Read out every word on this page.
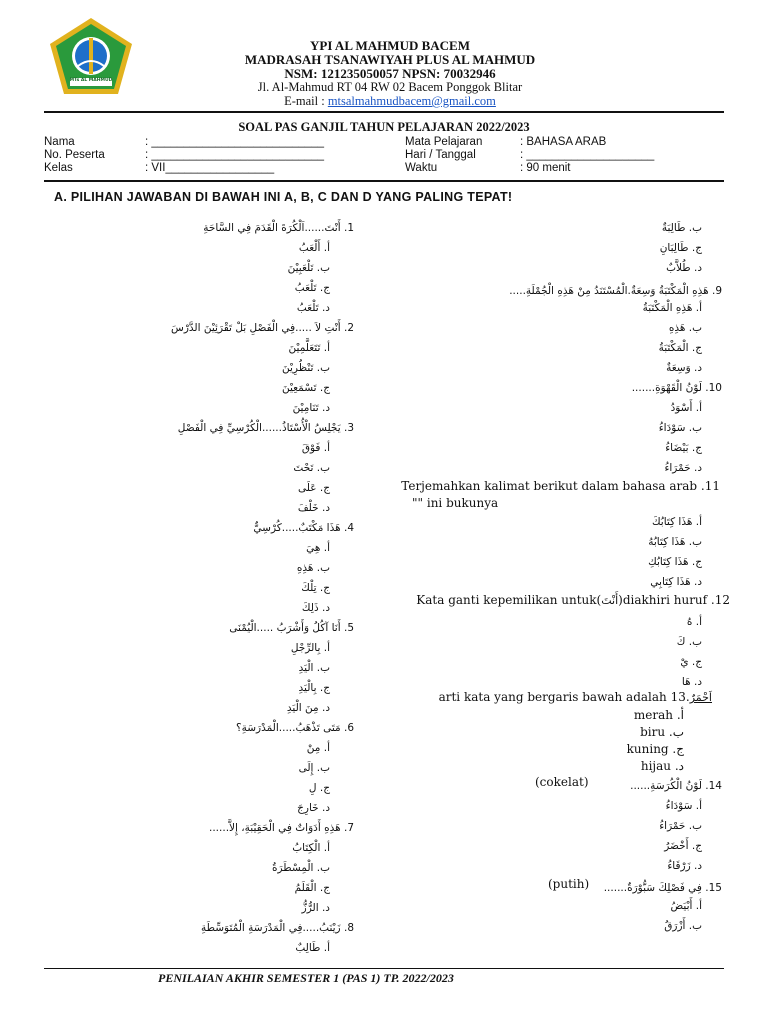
MTs AL MAHMUD
YPI AL MAHMUD BACEM
MADRASAH TSANAWIYAH PLUS AL MAHMUD
NSM: 121235050057 NPSN: 70032946
Jl. Al-Mahmud RT 04 RW 02 Bacem Ponggok Blitar
E-mail : mtsalmahmudbacem@gmail.com
SOAL PAS GANJIL TAHUN PELAJARAN 2022/2023
Nama	: ___________________________
No. Peserta	: ___________________________
Kelas	: VII_________________
Mata Pelajaran	: BAHASA ARAB
Hari / Tanggal	: ____________________
Waktu	: 90 menit
A. PILIHAN JAWABAN DI BAWAH INI A, B, C DAN D YANG PALING TEPAT!
1. أَنْتَ......اَلْكُرَةَ الْقَدَمَ فِي السَّاحَةِ
أ. أَلْعَبُ
ب. تَلْعَبِيْنَ
ج. تَلْعَبُ
د. تَلْعَبُ
2. أَنْتِ لاَ .....فِي الْفَصْلِ بَلْ تَقْرَئِيْنَ الدَّرْسَ
أ. تَتَعَلَّمِيْنَ
ب. تَنْظُرِيْنَ
ج. تَسْمَعِيْنَ
د. تَنَامِيْنَ
3. يَجْلِسُ الْأُسْتَاذُ......الْكُرْسِيِّ فِي الْفَصْلِ
أ. فَوْقَ
ب. تَحْتَ
ج. عَلَى
د. خَلْفَ
4. هَذَا مَكْتَبٌ.....كُرْسِيٌّ
أ. هِيَ
ب. هَذِهِ
ج. تِلْكَ
د. ذَلِكَ
5. أَنَا آكُلُ وَأَشْرَبُ .....الْيُمْنَى
أ. بِالرِّجْلِ
ب. الْيَدِ
ج. بِالْيَدِ
د. مِنَ الْيَدِ
6. مَتَى تَذْهَبُ.....الْمَدْرَسَةِ؟
أ. مِنْ
ب. إِلَى
ج. لِ
د. خَارِجَ
7. هَذِهِ أَدَوَاتٌ فِي الْحَقِيْبَةِ، إِلاَّ......
أ. الْكِتَابُ
ب. الْمِسْطَرَةُ
ج. الْقَلَمُ
د. الرُّزُّ
8. زَيْنَبُ.....فِي الْمَدْرَسَةِ الْمُتَوَسِّطَةِ
أ. طَالِبٌ
ب. طَالِبَةٌ
ج. طَالِبَانِ
د. طُلاَّبٌ
9. هَذِهِ الْمَكْتَبَةُ وَسِعَةٌ.الْمُسْتَنَدُ مِنْ هَذِهِ الْجُمْلَةِ.....
أ. هَذِهِ الْمَكْتَبَةُ
ب. هَذِهِ
ج. الْمَكْتَبَةُ
د. وَسِعَةٌ
10. لَوْنُ الْقَهْوَةِ.......
أ. أَسْوَدُ
ب. سَوْدَاءُ
ج. بَيْضَاءُ
د. حَمْرَاءُ
أ. هَذَا كِتَابُكَ
ب. هَذَا كِتَابُهُ
ج. هَذَا كِتَابُكِ
د. هَذَا كِتَابِي
أ. هُ
ب. كَ
ج. يْ
د. هَا
14. لَوْنُ الْكُرَسَةِ......
أ. سَوْدَاءُ
ب. حَمْرَاءُ
ج. أَخْضَرُ
د. زَرْقَاءُ
15. فِي فَصْلِكَ سَبُّوْرَةٌ.......
أ. أَبْيَضُ
ب. أَزْرَقُ
Terjemahkan kalimat berikut dalam bahasa arab .11
"" ini bukunya
Kata ganti kepemilikan untuk(أَنْتَ)diakhiri huruf .12
arti kata yang bergaris bawah adalah اَحْمَرٌ.13
merah .أ
biru .ب
kuning .ج
hijau .د
(cokelat)
(putih)
PENILAIAN AKHIR SEMESTER 1 (PAS 1) TP. 2022/2023
